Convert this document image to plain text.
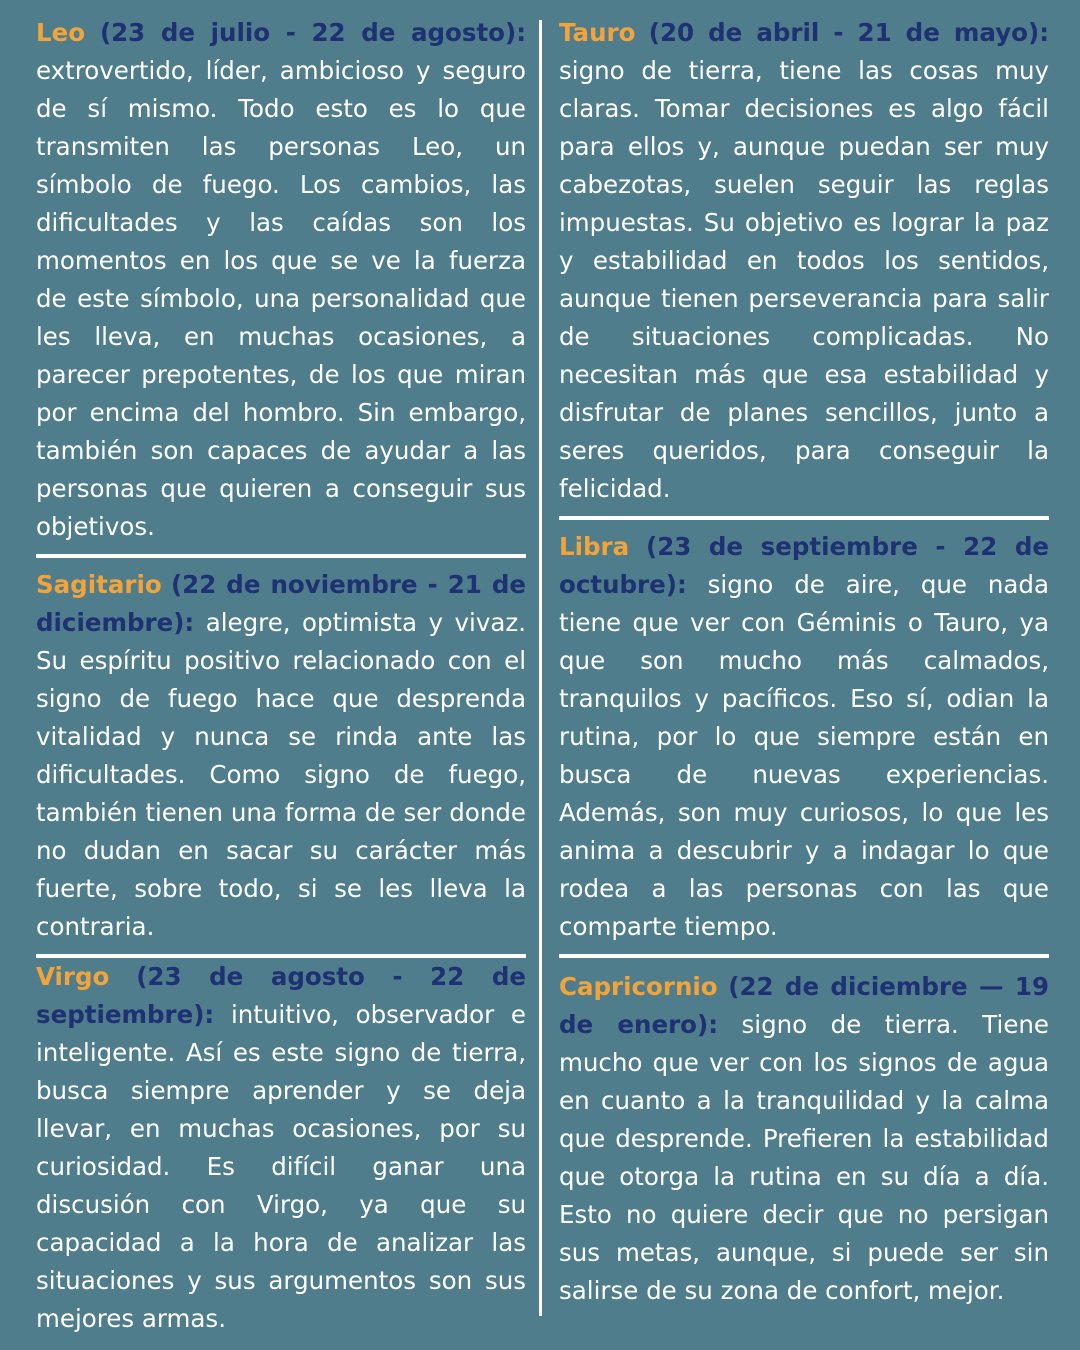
Leo (23 de julio - 22 de agosto): extrovertido, líder, ambicioso y seguro de sí mismo. Todo esto es lo que transmiten las personas Leo, un símbolo de fuego. Los cambios, las dificultades y las caídas son los momentos en los que se ve la fuerza de este símbolo, una personalidad que les lleva, en muchas ocasiones, a parecer prepotentes, de los que miran por encima del hombro. Sin embargo, también son capaces de ayudar a las personas que quieren a conseguir sus objetivos.

Sagitario (22 de noviembre - 21 de diciembre): alegre, optimista y vivaz. Su espíritu positivo relacionado con el signo de fuego hace que desprenda vitalidad y nunca se rinda ante las dificultades. Como signo de fuego, también tienen una forma de ser donde no dudan en sacar su carácter más fuerte, sobre todo, si se les lleva la contraria.

Virgo (23 de agosto - 22 de septiembre): intuitivo, observador e inteligente. Así es este signo de tierra, busca siempre aprender y se deja llevar, en muchas ocasiones, por su curiosidad. Es difícil ganar una discusión con Virgo, ya que su capacidad a la hora de analizar las situaciones y sus argumentos son sus mejores armas.

Tauro (20 de abril - 21 de mayo): signo de tierra, tiene las cosas muy claras. Tomar decisiones es algo fácil para ellos y, aunque puedan ser muy cabezotas, suelen seguir las reglas impuestas. Su objetivo es lograr la paz y estabilidad en todos los sentidos, aunque tienen perseverancia para salir de situaciones complicadas. No necesitan más que esa estabilidad y disfrutar de planes sencillos, junto a seres queridos, para conseguir la felicidad.

Libra (23 de septiembre - 22 de octubre): signo de aire, que nada tiene que ver con Géminis o Tauro, ya que son mucho más calmados, tranquilos y pacíficos. Eso sí, odian la rutina, por lo que siempre están en busca de nuevas experiencias. Además, son muy curiosos, lo que les anima a descubrir y a indagar lo que rodea a las personas con las que comparte tiempo.

Capricornio (22 de diciembre — 19 de enero): signo de tierra. Tiene mucho que ver con los signos de agua en cuanto a la tranquilidad y la calma que desprende. Prefieren la estabilidad que otorga la rutina en su día a día. Esto no quiere decir que no persigan sus metas, aunque, si puede ser sin salirse de su zona de confort, mejor.
